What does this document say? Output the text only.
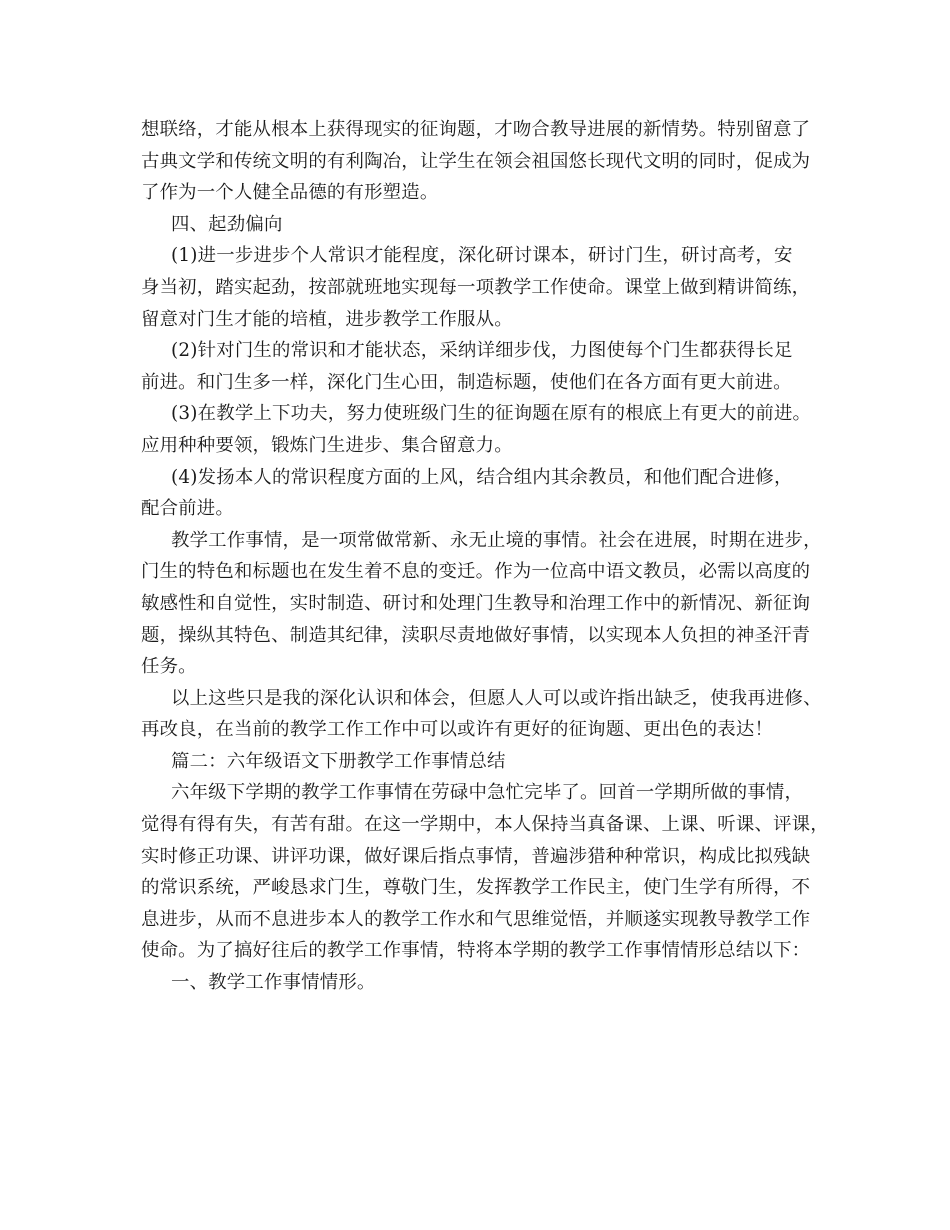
想联络，才能从根本上获得现实的征询题，才吻合教导进展的新情势。特别留意了
古典文学和传统文明的有利陶冶，让学生在领会祖国悠长现代文明的同时，促成为
了作为一个人健全品德的有形塑造。
四、起劲偏向
(1)进一步进步个人常识才能程度，深化研讨课本，研讨门生，研讨高考，安
身当初，踏实起劲，按部就班地实现每一项教学工作使命。课堂上做到精讲简练，
留意对门生才能的培植，进步教学工作服从。
(2)针对门生的常识和才能状态，采纳详细步伐，力图使每个门生都获得长足
前进。和门生多一样，深化门生心田，制造标题，使他们在各方面有更大前进。
(3)在教学上下功夫，努力使班级门生的征询题在原有的根底上有更大的前进。
应用种种要领，锻炼门生进步、集合留意力。
(4)发扬本人的常识程度方面的上风，结合组内其余教员，和他们配合进修，
配合前进。
教学工作事情，是一项常做常新、永无止境的事情。社会在进展，时期在进步，
门生的特色和标题也在发生着不息的变迁。作为一位高中语文教员，必需以高度的
敏感性和自觉性，实时制造、研讨和处理门生教导和治理工作中的新情况、新征询
题，操纵其特色、制造其纪律，渎职尽责地做好事情，以实现本人负担的神圣汗青
任务。
以上这些只是我的深化认识和体会，但愿人人可以或许指出缺乏，使我再进修、
再改良，在当前的教学工作工作中可以或许有更好的征询题、更出色的表达！
篇二：六年级语文下册教学工作事情总结
六年级下学期的教学工作事情在劳碌中急忙完毕了。回首一学期所做的事情，
觉得有得有失，有苦有甜。在这一学期中，本人保持当真备课、上课、听课、评课，
实时修正功课、讲评功课，做好课后指点事情，普遍涉猎种种常识，构成比拟残缺
的常识系统，严峻恳求门生，尊敬门生，发挥教学工作民主，使门生学有所得，不
息进步，从而不息进步本人的教学工作水和气思维觉悟，并顺遂实现教导教学工作
使命。为了搞好往后的教学工作事情，特将本学期的教学工作事情情形总结以下：
一、教学工作事情情形。
